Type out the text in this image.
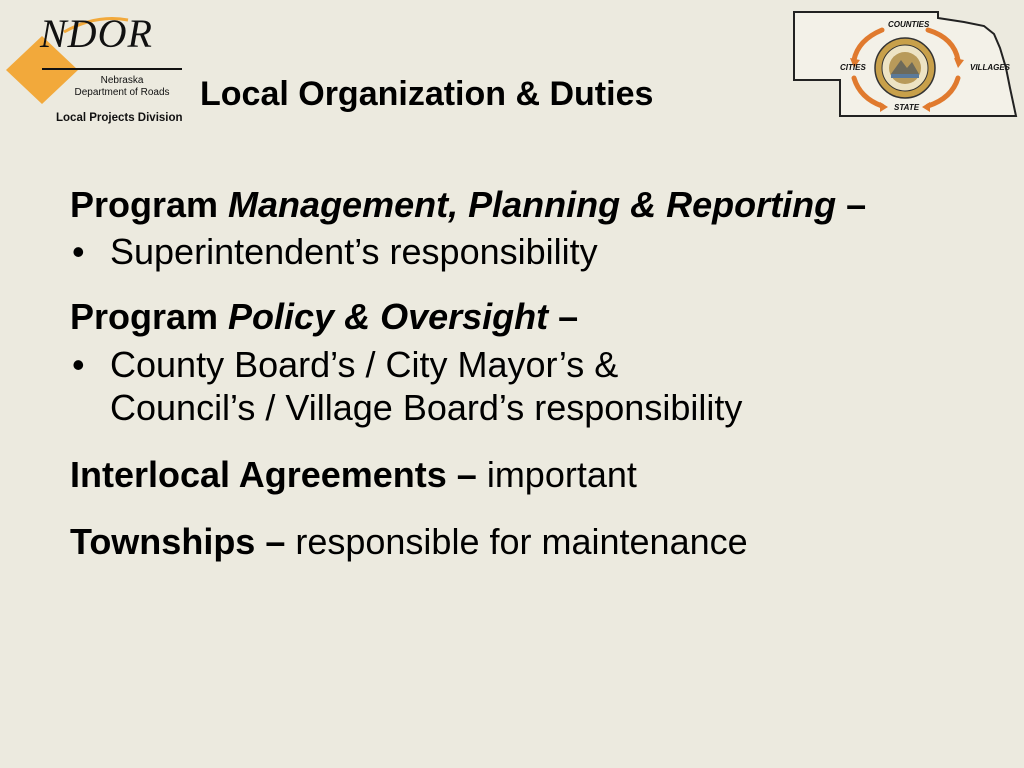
NDOR
Nebraska
Department of Roads
Local Projects Division
Local Organization & Duties
COUNTIES
CITIES	VILLAGES
STATE

Program Management, Planning & Reporting –

• Superintendent’s responsibility

Program Policy & Oversight –

• County Board’s / City Mayor’s &
Council’s / Village Board’s responsibility

Interlocal Agreements – important

Townships – responsible for maintenance
